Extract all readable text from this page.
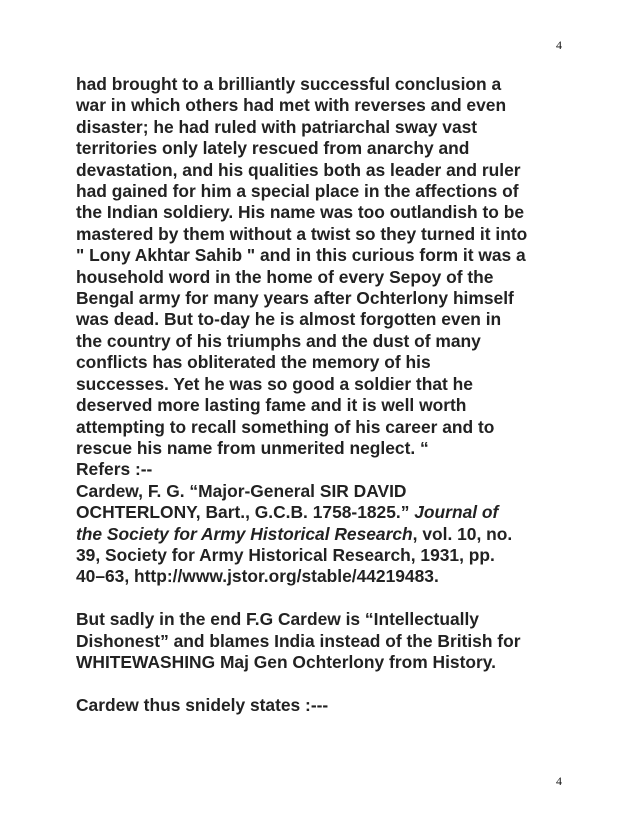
4
had brought to a brilliantly successful conclusion a
war in which others had met with reverses and even
disaster; he had ruled with patriarchal sway vast
territories only lately rescued from anarchy and
devastation, and his qualities both as leader and ruler
had gained for him a special place in the affections of
the Indian soldiery. His name was too outlandish to be
mastered by them without a twist so they turned it into
" Lony Akhtar Sahib " and in this curious form it was a
household word in the home of every Sepoy of the
Bengal army for many years after Ochterlony himself
was dead. But to-day he is almost forgotten even in
the country of his triumphs and the dust of many
conflicts has obliterated the memory of his
successes. Yet he was so good a soldier that he
deserved more lasting fame and it is well worth
attempting to recall something of his career and to
rescue his name from unmerited neglect. “
Refers :--
Cardew, F. G. “Major-General SIR DAVID
OCHTERLONY, Bart., G.C.B. 1758-1825.” Journal of
the Society for Army Historical Research, vol. 10, no.
39, Society for Army Historical Research, 1931, pp.
40–63, http://www.jstor.org/stable/44219483.
But sadly in the end F.G Cardew is “Intellectually
Dishonest” and blames India instead of the British for
WHITEWASHING Maj Gen Ochterlony from History.
Cardew thus snidely states :---
4
